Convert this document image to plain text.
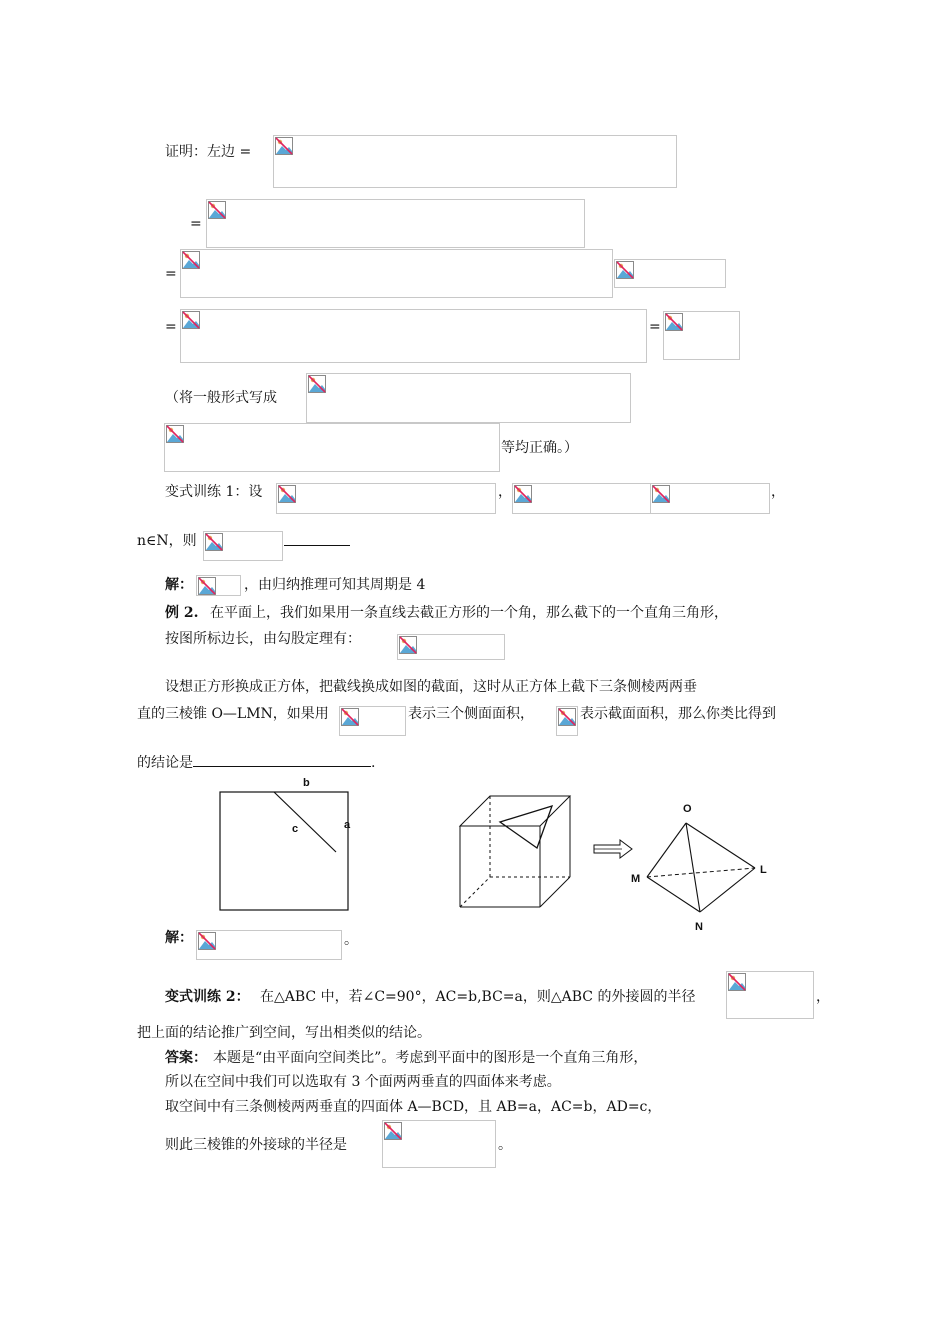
证明：左边 =
=
=
=	=
（将一般形式写成
等均正确。）
变式训练 1：设	，	，
n∈N，则
解：	，由归纳推理可知其周期是 4
例 2. 在平面上，我们如果用一条直线去截正方形的一个角，那么截下的一个直角三角形，
按图所标边长，由勾股定理有：
设想正方形换成正方体，把截线换成如图的截面，这时从正方体上截下三条侧棱两两垂
直的三棱锥 O—LMN，如果用	表示三个侧面面积，	表示截面面积，那么你类比得到
的结论是	.
b
a
c
O
M
L
N
解：	。
变式训练 2： 在△ABC 中，若∠C=90°，AC=b,BC=a，则△ABC 的外接圆的半径	，
把上面的结论推广到空间，写出相类似的结论。
答案： 本题是“由平面向空间类比”。考虑到平面中的图形是一个直角三角形，
所以在空间中我们可以选取有 3 个面两两垂直的四面体来考虑。
取空间中有三条侧棱两两垂直的四面体 A—BCD，且 AB=a，AC=b，AD=c，
则此三棱锥的外接球的半径是	。
